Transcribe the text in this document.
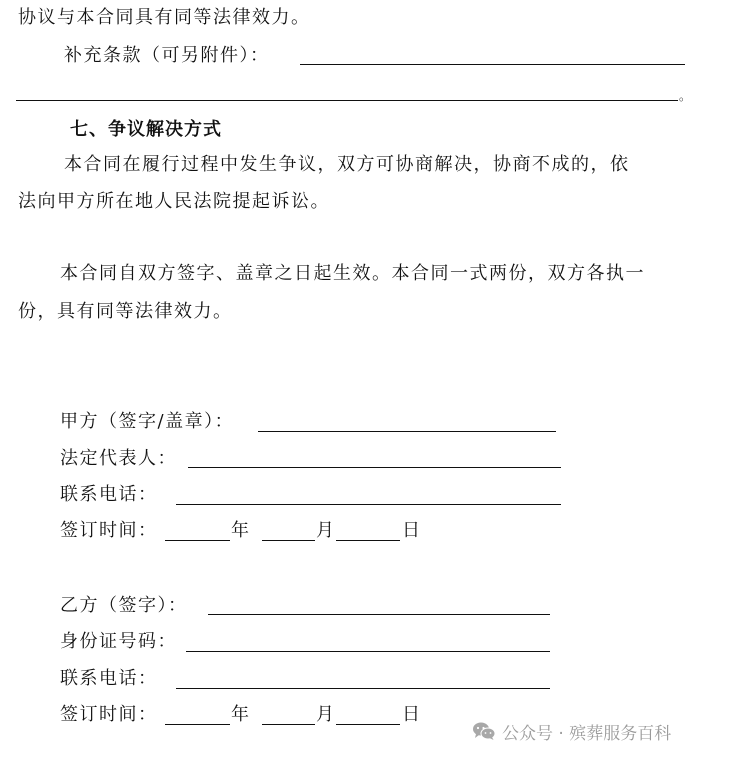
协议与本合同具有同等法律效力。
补充条款（可另附件）：
。
七、争议解决方式
本合同在履行过程中发生争议，双方可协商解决，协商不成的，依
法向甲方所在地人民法院提起诉讼。
本合同自双方签字、盖章之日起生效。本合同一式两份，双方各执一
份，具有同等法律效力。
甲方（签字/盖章）：
法定代表人：
联系电话：
签订时间：	年	月	日
乙方（签字）：
身份证号码：
联系电话：
签订时间：	年	月	日
公众号 · 殡葬服务百科
